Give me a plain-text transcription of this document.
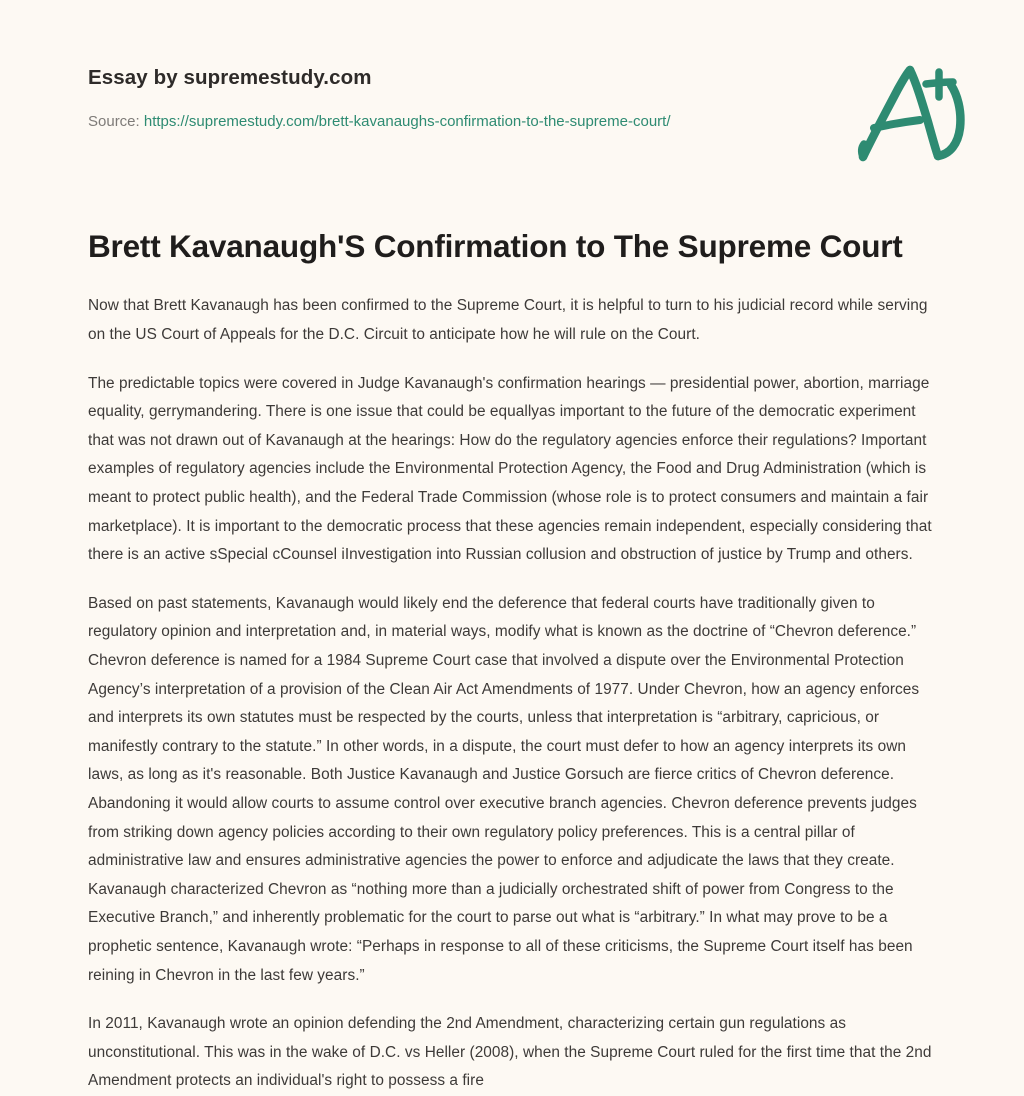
Essay by supremestudy.com
Source: https://supremestudy.com/brett-kavanaughs-confirmation-to-the-supreme-court/
Brett Kavanaugh'S Confirmation to The Supreme Court

Now that Brett Kavanaugh has been confirmed to the Supreme Court, it is helpful to turn to his judicial record while serving on the US Court of Appeals for the D.C. Circuit to anticipate how he will rule on the Court.

The predictable topics were covered in Judge Kavanaugh's confirmation hearings — presidential power, abortion, marriage equality, gerrymandering. There is one issue that could be equallyas important to the future of the democratic experiment that was not drawn out of Kavanaugh at the hearings: How do the regulatory agencies enforce their regulations? Important examples of regulatory agencies include the Environmental Protection Agency, the Food and Drug Administration (which is meant to protect public health), and the Federal Trade Commission (whose role is to protect consumers and maintain a fair marketplace). It is important to the democratic process that these agencies remain independent, especially considering that there is an active sSpecial cCounsel iInvestigation into Russian collusion and obstruction of justice by Trump and others.

Based on past statements, Kavanaugh would likely end the deference that federal courts have traditionally given to regulatory opinion and interpretation and, in material ways, modify what is known as the doctrine of “Chevron deference.” Chevron deference is named for a 1984 Supreme Court case that involved a dispute over the Environmental Protection Agency’s interpretation of a provision of the Clean Air Act Amendments of 1977. Under Chevron, how an agency enforces and interprets its own statutes must be respected by the courts, unless that interpretation is “arbitrary, capricious, or manifestly contrary to the statute.” In other words, in a dispute, the court must defer to how an agency interprets its own laws, as long as it's reasonable. Both Justice Kavanaugh and Justice Gorsuch are fierce critics of Chevron deference. Abandoning it would allow courts to assume control over executive branch agencies. Chevron deference prevents judges from striking down agency policies according to their own regulatory policy preferences. This is a central pillar of administrative law and ensures administrative agencies the power to enforce and adjudicate the laws that they create. Kavanaugh characterized Chevron as “nothing more than a judicially orchestrated shift of power from Congress to the Executive Branch,” and inherently problematic for the court to parse out what is “arbitrary.” In what may prove to be a prophetic sentence, Kavanaugh wrote: “Perhaps in response to all of these criticisms, the Supreme Court itself has been reining in Chevron in the last few years.”

In 2011, Kavanaugh wrote an opinion defending the 2nd Amendment, characterizing certain gun regulations as unconstitutional. This was in the wake of D.C. vs Heller (2008), when the Supreme Court ruled for the first time that the 2nd Amendment protects an individual's right to possess a fire
